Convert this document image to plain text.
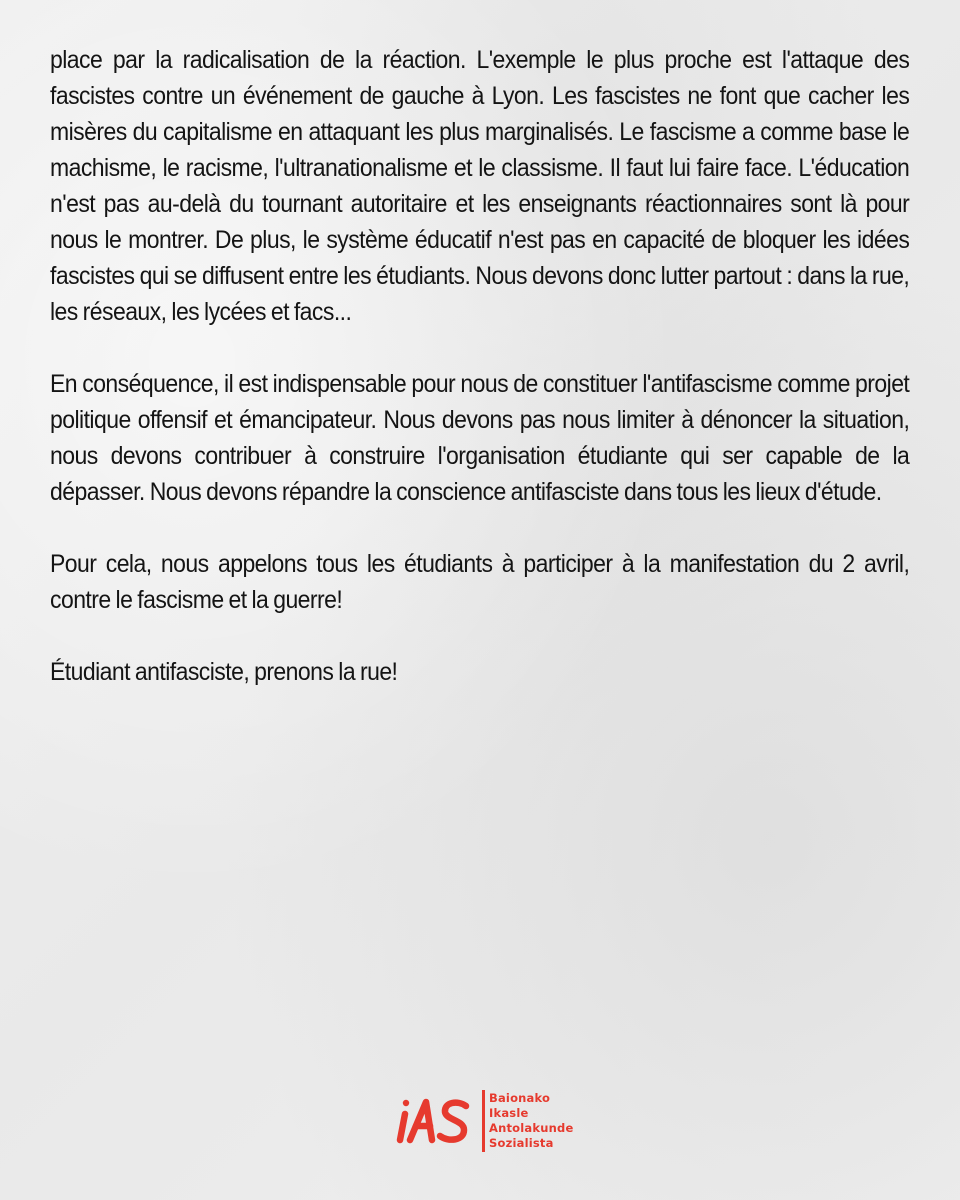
place par la radicalisation de la réaction. L'exemple le plus proche est l'attaque des fascistes contre un événement de gauche à Lyon. Les fascistes ne font que cacher les misères du capitalisme en attaquant les plus marginalisés. Le fascisme a comme base le machisme, le racisme, l'ultranationalisme et le classisme. Il faut lui faire face. L'éducation n'est pas au-delà du tournant autoritaire et les enseignants réactionnaires sont là pour nous le montrer. De plus, le système éducatif n'est pas en capacité de bloquer les idées fascistes qui se diffusent entre les étudiants. Nous devons donc lutter partout : dans la rue, les réseaux, les lycées et facs...

En conséquence, il est indispensable pour nous de constituer l'antifascisme comme projet politique offensif et émancipateur. Nous devons pas nous limiter à dénoncer la situation, nous devons contribuer à construire l'organisation étudiante qui ser capable de la dépasser. Nous devons répandre la conscience antifasciste dans tous les lieux d'étude.

Pour cela, nous appelons tous les étudiants à participer à la manifestation du 2 avril, contre le fascisme et la guerre!

Étudiant antifasciste, prenons la rue!

Baionako
Ikasle
Antolakunde
Sozialista
